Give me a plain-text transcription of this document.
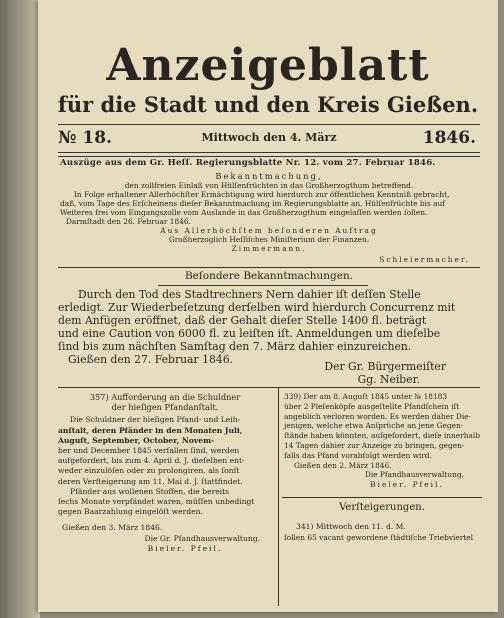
Anzeigeblatt
für die Stadt und den Kreis Gießen.
№ 18.	Mittwoch den 4. März	1846.
Auszüge aus dem Gr. Heſſ. Regierungsblatte Nr. 12. vom 27. Februar 1846.
Bekanntmachung,
den zollfreien Einlaß von Hülſenfrüchten in das Großherzogthum betreffend.
In Folge erhaltener Allerhöchſter Ermächtigung wird hierdurch zur öffentlichen Kenntniß gebracht,
daß, vom Tage des Erſcheinens dieſer Bekanntmachung im Regierungsblatte an, Hülſenfrüchte bis auf
Weiteres frei vom Eingangszolle vom Auslande in das Großherzogthum eingelaſſen werden ſollen.
Darmſtadt den 26. Februar 1846.
Aus Allerhöchſtem beſonderen Auftrag
Großherzoglich Heſſiſches Miniſterium der Finanzen.
Zimmermann.
Schleiermacher.
Beſondere Bekanntmachungen.
Durch den Tod des Stadtrechners Nern dahier iſt deſſen Stelle
erledigt. Zur Wiederbeſetzung derſelben wird hierdurch Concurrenz mit
dem Anfügen eröffnet, daß der Gehalt dieſer Stelle 1400 fl. beträgt
und eine Caution von 6000 fl. zu leiſten iſt. Anmeldungen um dieſelbe
ſind bis zum nächſten Samſtag den 7. März dahier einzureichen.
Gießen den 27. Februar 1846.
Der Gr. Bürgermeiſter
Gg. Neiber.
357) Aufforderung an die Schuldner
der hieſigen Pfandanſtalt.
Die Schuldner der hieſigen Pfand- und Leih-
anſtalt, deren Pfänder in den Monaten Juli,
Auguſt, September, October, Novem-
ber und December 1845 verfallen ſind, werden
aufgefordert, bis zum 4. April d. J. dieſelben ent-
weder einzulöſen oder zu prolongiren, als ſonſt
deren Verſteigerung am 11. Mai d. J. ſtattfindet.
Pfänder aus wollenen Stoffen, die bereits
ſechs Monate verpfändet waren, müſſen unbedingt
gegen Baarzahlung eingelöſt werden.
Gießen den 3. März 1846.
Die Gr. Pfandhausverwaltung.
Bieler. Pfeil.
339) Der am 8. Auguſt 1845 unter № 18183
über 2 Pleſenköpfe ausgeſtellte Pfandſchein iſt
angeblich verloren worden. Es werden daher Die-
jenigen, welche etwa Anſprüche an jene Gegen-
ſtände haben könnten, aufgefordert, dieſe innerhalb
14 Tagen dahier zur Anzeige zu bringen, gegen-
falls das Pfand vorabfolgt werden wird.
Gießen den 2. März 1846.
Die Pfandhausverwaltung.
Bieler. Pfeil.
Verſteigerungen.
341) Mittwoch den 11. d. M.
ſollen 65 vacant gewordene ſtädtiſche Triebviertel
